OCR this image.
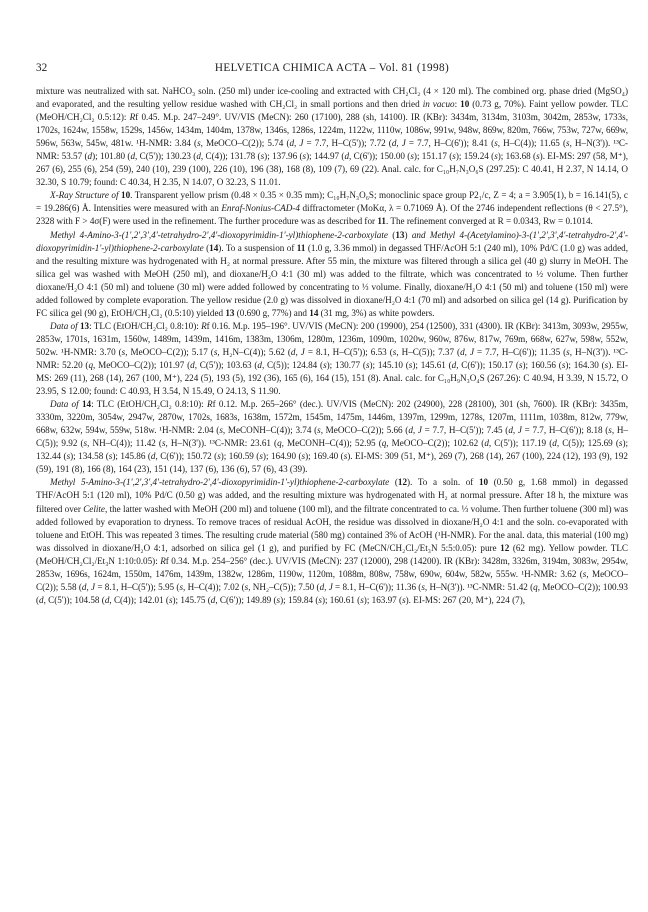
32	HELVETICA CHIMICA ACTA – Vol. 81 (1998)

mixture was neutralized with sat. NaHCO₃ soln. (250 ml) under ice-cooling and extracted with CH₂Cl₂ (4 × 120 ml). The combined org. phase dried (MgSO₄) and evaporated, and the resulting yellow residue washed with CH₂Cl₂ in small portions and then dried in vacuo: 10 (0.73 g, 70%). Faint yellow powder. TLC (MeOH/CH₂Cl₂ 0.5:12): Rf 0.45. M.p. 247–249°. UV/VIS (MeCN): 260 (17100), 288 (sh, 14100). IR (KBr): 3434m, 3134m, 3103m, 3042m, 2853w, 1733s, 1702s, 1624w, 1558w, 1529s, 1456w, 1434m, 1404m, 1378w, 1346s, 1286s, 1224m, 1122w, 1110w, 1086w, 991w, 948w, 869w, 820m, 766w, 753w, 727w, 669w, 596w, 563w, 545w, 481w. ¹H-NMR: 3.84 (s, MeOCO–C(2)); 5.74 (d, J = 7.7, H–C(5')); 7.72 (d, J = 7.7, H–C(6')); 8.41 (s, H–C(4)); 11.65 (s, H–N(3')). ¹³C-NMR: 53.57 (d); 101.80 (d, C(5')); 130.23 (d, C(4)); 131.78 (s); 137.96 (s); 144.97 (d, C(6')); 150.00 (s); 151.17 (s); 159.24 (s); 163.68 (s). EI-MS: 297 (58, M⁺), 267 (6), 255 (6), 254 (59), 240 (10), 239 (100), 226 (10), 196 (38), 168 (8), 109 (7), 69 (22). Anal. calc. for C₁₀H₇N₃O₆S (297.25): C 40.41, H 2.37, N 14.14, O 32.30, S 10.79; found: C 40.34, H 2.35, N 14.07, O 32.23, S 11.01.

X-Ray Structure of 10. Transparent yellow prism (0.48 × 0.35 × 0.35 mm); C₁₀H₇N₃O₆S; monoclinic space group P2₁/c, Z = 4; a = 3.905(1), b = 16.141(5), c = 19.286(6) Å. Intensities were measured with an Enraf-Nonius-CAD-4 diffractometer (MoKα, λ = 0.71069 Å). Of the 2746 independent reflections (θ < 27.5°), 2328 with F > 4σ(F) were used in the refinement. The further procedure was as described for 11. The refinement converged at R = 0.0343, Rw = 0.1014.

Methyl 4-Amino-3-(1',2',3',4'-tetrahydro-2',4'-dioxopyrimidin-1'-yl)thiophene-2-carboxylate (13) and Methyl 4-(Acetylamino)-3-(1',2',3',4'-tetrahydro-2',4'-dioxopyrimidin-1'-yl)thiophene-2-carboxylate (14). To a suspension of 11 (1.0 g, 3.36 mmol) in degassed THF/AcOH 5:1 (240 ml), 10% Pd/C (1.0 g) was added, and the resulting mixture was hydrogenated with H₂ at normal pressure. After 55 min, the mixture was filtered through a silica gel (40 g) slurry in MeOH. The silica gel was washed with MeOH (250 ml), and dioxane/H₂O 4:1 (30 ml) was added to the filtrate, which was concentrated to ½ volume. Then further dioxane/H₂O 4:1 (50 ml) and toluene (30 ml) were added followed by concentrating to ⅓ volume. Finally, dioxane/H₂O 4:1 (50 ml) and toluene (150 ml) were added followed by complete evaporation. The yellow residue (2.0 g) was dissolved in dioxane/H₂O 4:1 (70 ml) and adsorbed on silica gel (14 g). Purification by FC silica gel (90 g), EtOH/CH₂Cl₂ (0.5:10) yielded 13 (0.690 g, 77%) and 14 (31 mg, 3%) as white powders.

Data of 13: TLC (EtOH/CH₂Cl₂ 0.8:10): Rf 0.16. M.p. 195–196°. UV/VIS (MeCN): 200 (19900), 254 (12500), 331 (4300). IR (KBr): 3413m, 3093w, 2955w, 2853w, 1701s, 1631m, 1560w, 1489m, 1439m, 1416m, 1383m, 1306m, 1280m, 1236m, 1090m, 1020w, 960w, 876w, 817w, 769m, 668w, 627w, 598w, 552w, 502w. ¹H-NMR: 3.70 (s, MeOCO–C(2)); 5.17 (s, H₂N–C(4)); 5.62 (d, J = 8.1, H–C(5')); 6.53 (s, H–C(5)); 7.37 (d, J = 7.7, H–C(6')); 11.35 (s, H–N(3')). ¹³C-NMR: 52.20 (q, MeOCO–C(2)); 101.97 (d, C(5')); 103.63 (d, C(5)); 124.84 (s); 130.77 (s); 145.10 (s); 145.61 (d, C(6')); 150.17 (s); 160.56 (s); 164.30 (s). EI-MS: 269 (11), 268 (14), 267 (100, M⁺), 224 (5), 193 (5), 192 (36), 165 (6), 164 (15), 151 (8). Anal. calc. for C₁₀H₉N₃O₄S (267.26): C 40.94, H 3.39, N 15.72, O 23.95, S 12.00; found: C 40.93, H 3.54, N 15.49, O 24.13, S 11.90.

Data of 14: TLC (EtOH/CH₂Cl₂ 0.8:10): Rf 0.12. M.p. 265–266° (dec.). UV/VIS (MeCN): 202 (24900), 228 (28100), 301 (sh, 7600). IR (KBr): 3435m, 3330m, 3220m, 3054w, 2947w, 2870w, 1702s, 1683s, 1638m, 1572m, 1545m, 1475m, 1446m, 1397m, 1299m, 1278s, 1207m, 1111m, 1038m, 812w, 779w, 668w, 632w, 594w, 559w, 518w. ¹H-NMR: 2.04 (s, MeCONH–C(4)); 3.74 (s, MeOCO–C(2)); 5.66 (d, J = 7.7, H–C(5')); 7.45 (d, J = 7.7, H–C(6')); 8.18 (s, H–C(5)); 9.92 (s, NH–C(4)); 11.42 (s, H–N(3')). ¹³C-NMR: 23.61 (q, MeCONH–C(4)); 52.95 (q, MeOCO–C(2)); 102.62 (d, C(5')); 117.19 (d, C(5)); 125.69 (s); 132.44 (s); 134.58 (s); 145.86 (d, C(6')); 150.72 (s); 160.59 (s); 164.90 (s); 169.40 (s). EI-MS: 309 (51, M⁺), 269 (7), 268 (14), 267 (100), 224 (12), 193 (9), 192 (59), 191 (8), 166 (8), 164 (23), 151 (14), 137 (6), 136 (6), 57 (6), 43 (39).

Methyl 5-Amino-3-(1',2',3',4'-tetrahydro-2',4'-dioxopyrimidin-1'-yl)thiophene-2-carboxylate (12). To a soln. of 10 (0.50 g, 1.68 mmol) in degassed THF/AcOH 5:1 (120 ml), 10% Pd/C (0.50 g) was added, and the resulting mixture was hydrogenated with H₂ at normal pressure. After 18 h, the mixture was filtered over Celite, the latter washed with MeOH (200 ml) and toluene (100 ml), and the filtrate concentrated to ca. ⅓ volume. Then further toluene (300 ml) was added followed by evaporation to dryness. To remove traces of residual AcOH, the residue was dissolved in dioxane/H₂O 4:1 and the soln. co-evaporated with toluene and EtOH. This was repeated 3 times. The resulting crude material (580 mg) contained 3% of AcOH (¹H-NMR). For the anal. data, this material (100 mg) was dissolved in dioxane/H₂O 4:1, adsorbed on silica gel (1 g), and purified by FC (MeCN/CH₂Cl₂/Et₃N 5:5:0.05): pure 12 (62 mg). Yellow powder. TLC (MeOH/CH₂Cl₂/Et₃N 1:10:0.05): Rf 0.34. M.p. 254–256° (dec.). UV/VIS (MeCN): 237 (12000), 298 (14200). IR (KBr): 3428m, 3326m, 3194m, 3083w, 2954w, 2853w, 1696s, 1624m, 1550m, 1476m, 1439m, 1382w, 1286m, 1190w, 1120m, 1088m, 808w, 758w, 690w, 604w, 582w, 555w. ¹H-NMR: 3.62 (s, MeOCO–C(2)); 5.58 (d, J = 8.1, H–C(5')); 5.95 (s, H–C(4)); 7.02 (s, NH₂–C(5)); 7.50 (d, J = 8.1, H–C(6')); 11.36 (s, H–N(3')). ¹³C-NMR: 51.42 (q, MeOCO–C(2)); 100.93 (d, C(5')); 104.58 (d, C(4)); 142.01 (s); 145.75 (d, C(6')); 149.89 (s); 159.84 (s); 160.61 (s); 163.97 (s). EI-MS: 267 (20, M⁺), 224 (7),
